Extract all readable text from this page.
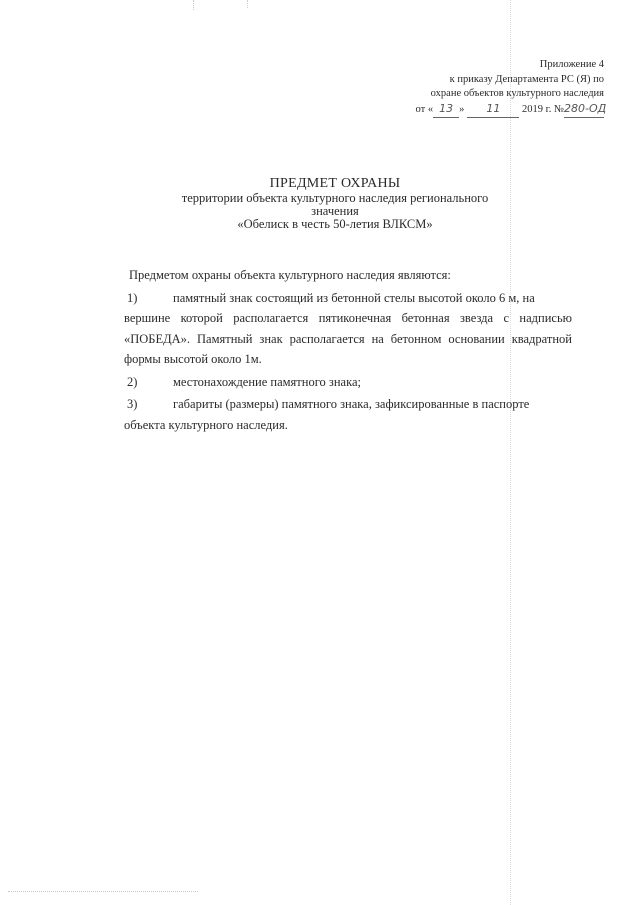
Приложение 4
к приказу Департамента РС (Я) по
охране объектов культурного наследия
от « 13 » 11 2019 г. №280-ОД
ПРЕДМЕТ ОХРАНЫ
территории объекта культурного наследия регионального
значения
«Обелиск в честь 50-летия ВЛКСМ»
Предметом охраны объекта культурного наследия являются:
1)	памятный знак состоящий из бетонной стелы высотой около 6 м, на
вершине которой располагается пятиконечная бетонная звезда с надписью «ПОБЕДА». Памятный знак располагается на бетонном основании квадратной формы высотой около 1м.
2)	местонахождение памятного знака;
3)	габариты (размеры) памятного знака, зафиксированные в паспорте
объекта культурного наследия.
